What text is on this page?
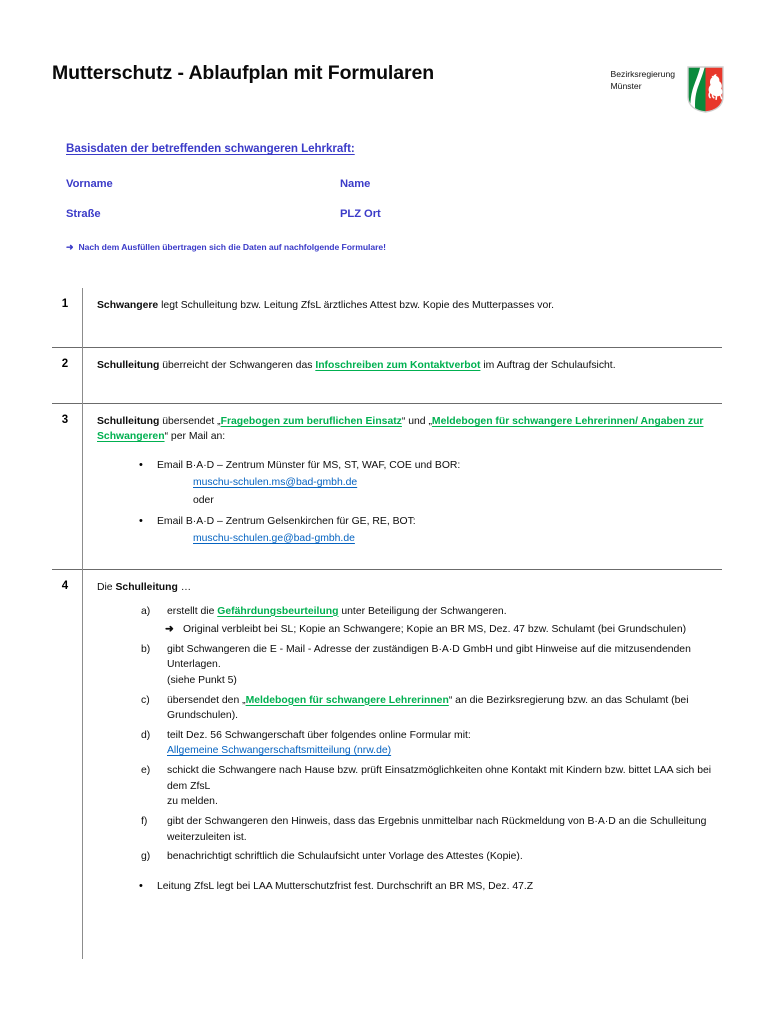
Mutterschutz - Ablaufplan mit Formularen	Bezirksregierung
Münster
Basisdaten der betreffenden schwangeren Lehrkraft:
Vorname	Name
Straße	PLZ Ort
➜ Nach dem Ausfüllen übertragen sich die Daten auf nachfolgende Formulare!
1	Schwangere legt Schulleitung bzw. Leitung ZfsL ärztliches Attest bzw. Kopie des Mutterpasses vor.
2	Schulleitung überreicht der Schwangeren das Infoschreiben zum Kontaktverbot im Auftrag der Schulaufsicht.
3	Schulleitung übersendet „Fragebogen zum beruflichen Einsatz“ und „Meldebogen für schwangere Lehrerinnen/ Angaben zur Schwangeren“ per Mail an:
• Email B·A·D – Zentrum Münster für MS, ST, WAF, COE und BOR:
muschu-schulen.ms@bad-gmbh.de
oder
• Email B·A·D – Zentrum Gelsenkirchen für GE, RE, BOT:
muschu-schulen.ge@bad-gmbh.de

4	Die Schulleitung …
erstellt die Gefährdungsbeurteilung unter Beteiligung der Schwangeren.
➜ Original verbleibt bei SL; Kopie an Schwangere; Kopie an BR MS, Dez. 47 bzw. Schulamt (bei Grundschulen)
gibt Schwangeren die E - Mail - Adresse der zuständigen B·A·D GmbH und gibt Hinweise auf die mitzusendenden Unterlagen.
(siehe Punkt 5)
übersendet den „Meldebogen für schwangere Lehrerinnen“ an die Bezirksregierung bzw. an das Schulamt (bei Grundschulen).
teilt Dez. 56 Schwangerschaft über folgendes online Formular mit:
Allgemeine Schwangerschaftsmitteilung (nrw.de)
schickt die Schwangere nach Hause bzw. prüft Einsatzmöglichkeiten ohne Kontakt mit Kindern bzw. bittet LAA sich bei dem ZfsL
zu melden.
gibt der Schwangeren den Hinweis, dass das Ergebnis unmittelbar nach Rückmeldung von B·A·D an die Schulleitung
weiterzuleiten ist.
benachrichtigt schriftlich die Schulaufsicht unter Vorlage des Attestes (Kopie).
• Leitung ZfsL legt bei LAA Mutterschutzfrist fest. Durchschrift an BR MS, Dez. 47.Z
